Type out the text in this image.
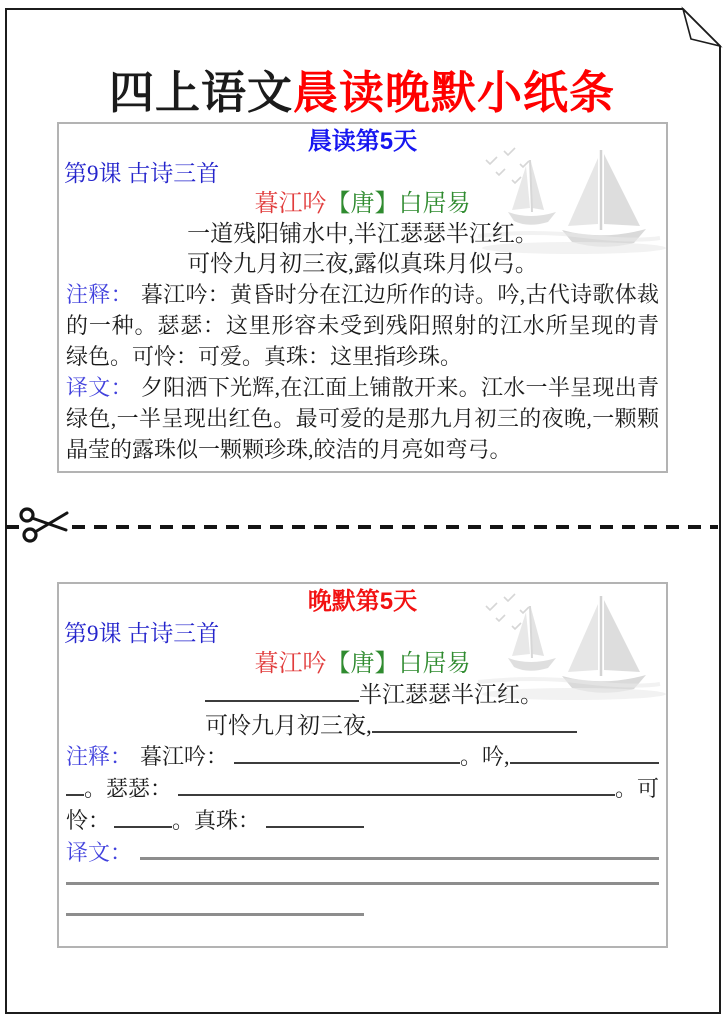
四上语文晨读晚默小纸条
晨读第5天
第9课 古诗三首
暮江吟【唐】白居易
一道残阳铺水中,半江瑟瑟半江红。
可怜九月初三夜,露似真珠月似弓。
注释： 暮江吟：黄昏时分在江边所作的诗。吟,古代诗歌体裁的一种。瑟瑟：这里形容未受到残阳照射的江水所呈现的青绿色。可怜：可爱。真珠：这里指珍珠。
译文： 夕阳洒下光辉,在江面上铺散开来。江水一半呈现出青绿色,一半呈现出红色。最可爱的是那九月初三的夜晚,一颗颗晶莹的露珠似一颗颗珍珠,皎洁的月亮如弯弓。
晚默第5天
第9课 古诗三首
暮江吟【唐】白居易
半江瑟瑟半江红。
可怜九月初三夜,
注释： 暮江吟：	。吟,
。瑟瑟：	。可
怜：	。真珠：
译文：
